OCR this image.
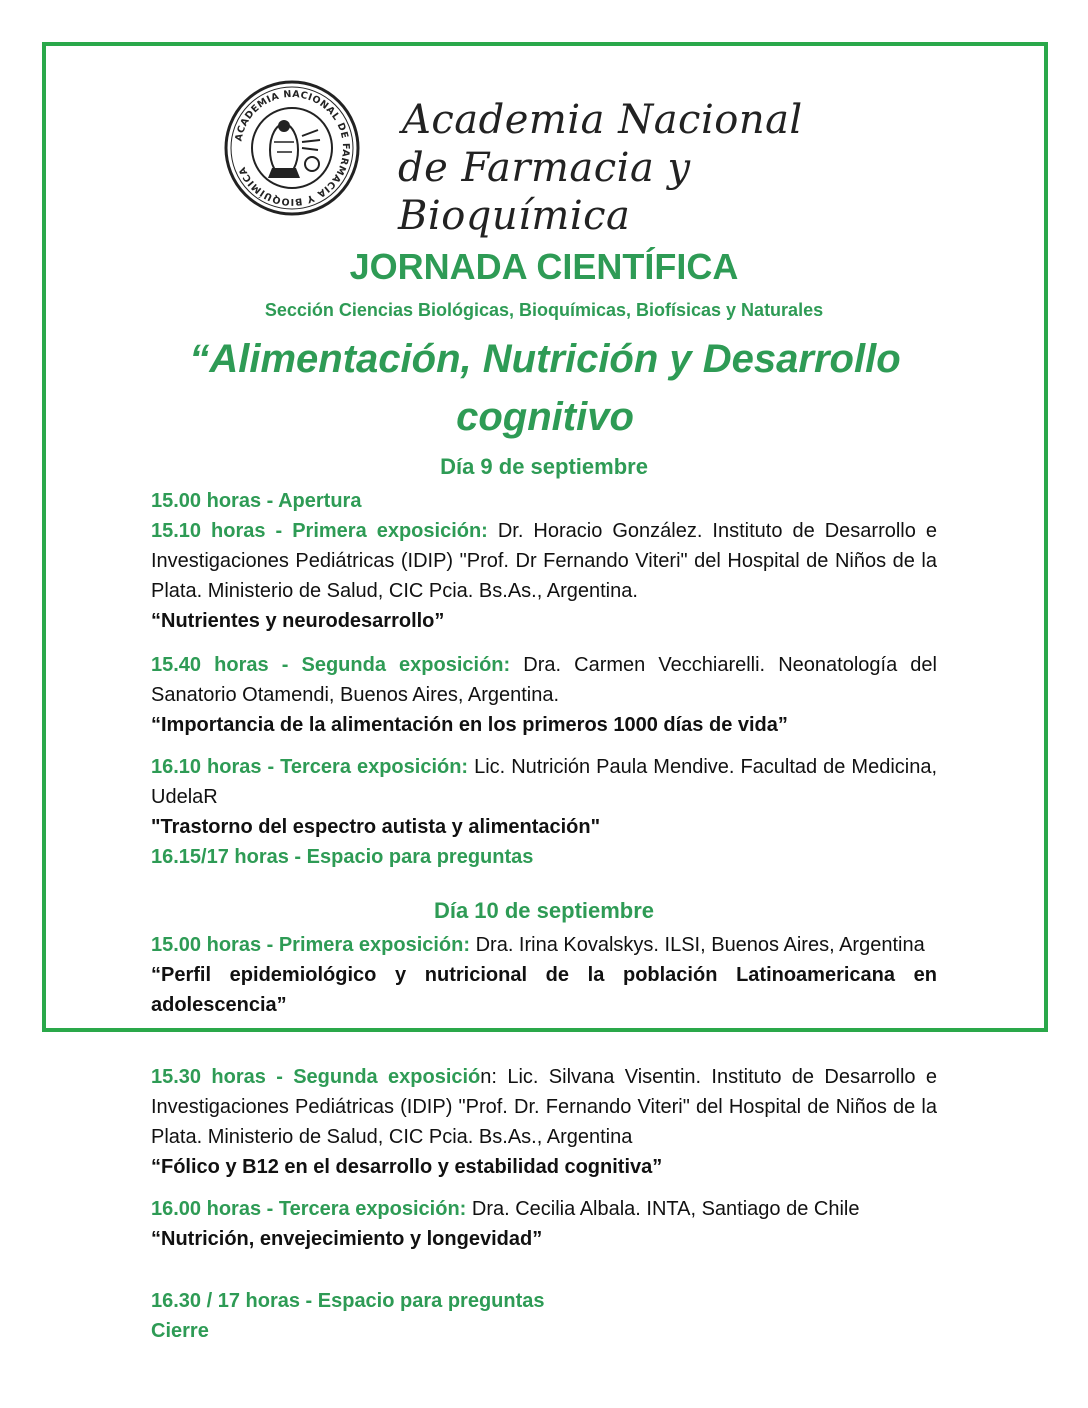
ACADEMIA NACIONAL DE FARMACIA Y BIOQUÍMICA
Academia Nacional
de Farmacia y Bioquímica
JORNADA CIENTÍFICA
Sección Ciencias Biológicas, Bioquímicas, Biofísicas y Naturales
“Alimentación, Nutrición y Desarrollo
cognitivo
Día 9 de septiembre
15.00 horas - Apertura
15.10 horas - Primera exposición: Dr. Horacio González. Instituto de Desarrollo e Investigaciones Pediátricas (IDIP) "Prof. Dr Fernando Viteri" del Hospital de Niños de la Plata. Ministerio de Salud, CIC Pcia. Bs.As., Argentina.
“Nutrientes y neurodesarrollo”
15.40 horas - Segunda exposición: Dra. Carmen Vecchiarelli. Neonatología del Sanatorio Otamendi, Buenos Aires, Argentina.
“Importancia de la alimentación en los primeros 1000 días de vida”
16.10 horas - Tercera exposición: Lic. Nutrición Paula Mendive. Facultad de Medicina, UdelaR
"Trastorno del espectro autista y alimentación"
16.15/17 horas - Espacio para preguntas
Día 10 de septiembre
15.00 horas - Primera exposición: Dra. Irina Kovalskys. ILSI, Buenos Aires, Argentina
“Perfil epidemiológico y nutricional de la población Latinoamericana en adolescencia”
15.30 horas - Segunda exposición: Lic. Silvana Visentin. Instituto de Desarrollo e Investigaciones Pediátricas (IDIP) "Prof. Dr. Fernando Viteri" del Hospital de Niños de la Plata. Ministerio de Salud, CIC Pcia. Bs.As., Argentina
“Fólico y B12 en el desarrollo y estabilidad cognitiva”
16.00 horas - Tercera exposición: Dra. Cecilia Albala. INTA, Santiago de Chile
“Nutrición, envejecimiento y longevidad”
16.30 / 17 horas - Espacio para preguntas
Cierre
